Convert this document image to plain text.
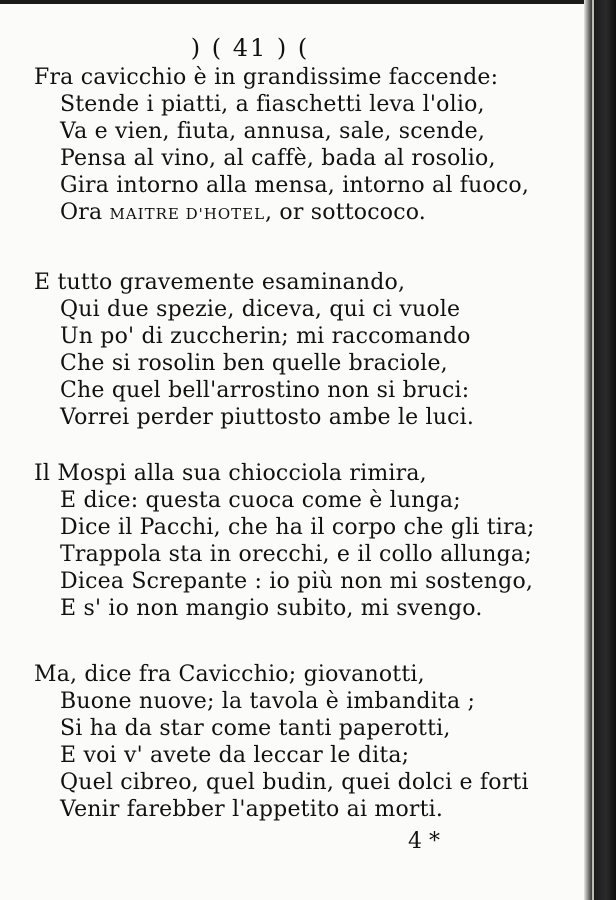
) ( 41 ) (
Fra cavicchio è in grandissime faccende:
Stende i piatti, a fiaschetti leva l'olio,
Va e vien, fiuta, annusa, sale, scende,
Pensa al vino, al caffè, bada al rosolio,
Gira intorno alla mensa, intorno al fuoco,
Ora MAITRE D'HOTEL, or sottococo.
E tutto gravemente esaminando,
Qui due spezie, diceva, qui ci vuole
Un po' di zuccherin; mi raccomando
Che si rosolin ben quelle braciole,
Che quel bell'arrostino non si bruci:
Vorrei perder piuttosto ambe le luci.
Il Mospi alla sua chiocciola rimira,
E dice: questa cuoca come è lunga;
Dice il Pacchi, che ha il corpo che gli tira;
Trappola sta in orecchi, e il collo allunga;
Dicea Screpante : io più non mi sostengo,
E s' io non mangio subito, mi svengo.
Ma, dice fra Cavicchio; giovanotti,
Buone nuove; la tavola è imbandita ;
Si ha da star come tanti paperotti,
E voi v' avete da leccar le dita;
Quel cibreo, quel budin, quei dolci e forti
Venir farebber l'appetito ai morti.
4 *
